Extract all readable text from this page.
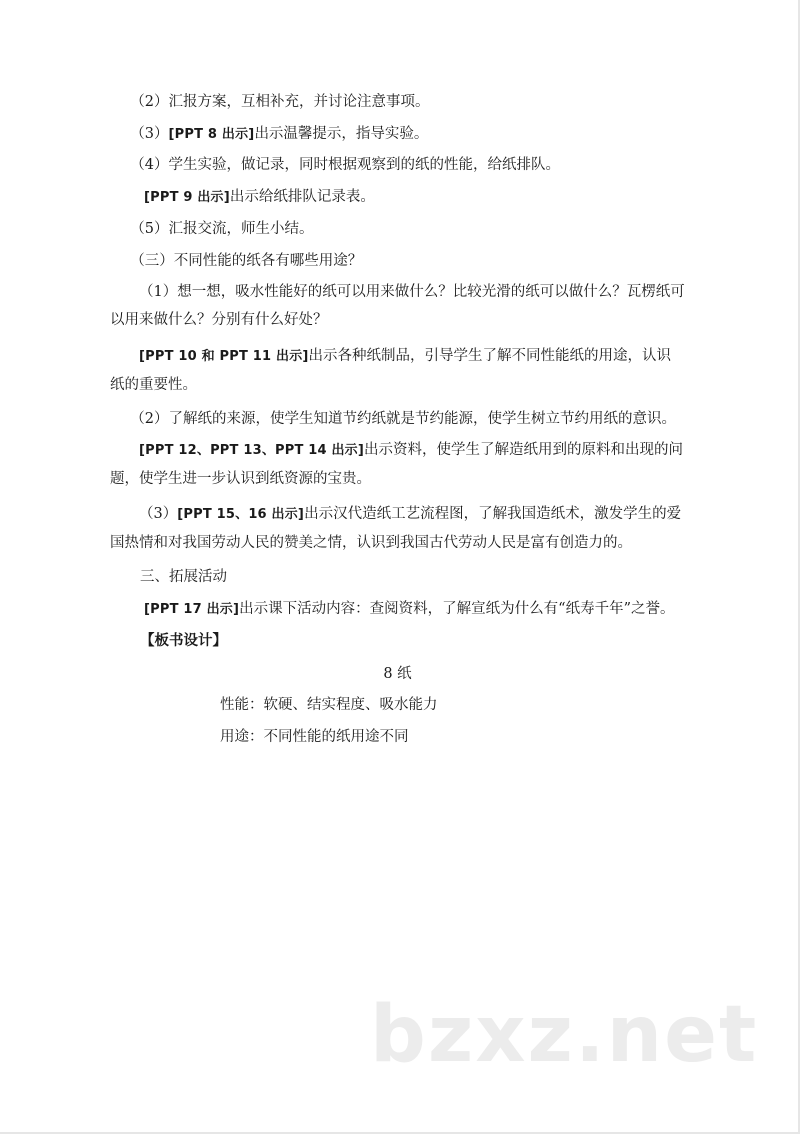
（2）汇报方案，互相补充，并讨论注意事项。
（3）[PPT 8 出示]出示温馨提示，指导实验。
（4）学生实验，做记录，同时根据观察到的纸的性能，给纸排队。
[PPT 9 出示]出示给纸排队记录表。
（5）汇报交流，师生小结。
（三）不同性能的纸各有哪些用途？
（1）想一想，吸水性能好的纸可以用来做什么？比较光滑的纸可以做什么？瓦楞纸可以用来做什么？分别有什么好处？
[PPT 10 和 PPT 11 出示]出示各种纸制品，引导学生了解不同性能纸的用途，认识纸的重要性。
（2）了解纸的来源，使学生知道节约纸就是节约能源，使学生树立节约用纸的意识。
[PPT 12、PPT 13、PPT 14 出示]出示资料，使学生了解造纸用到的原料和出现的问题，使学生进一步认识到纸资源的宝贵。
（3）[PPT 15、16 出示]出示汉代造纸工艺流程图，了解我国造纸术，激发学生的爱国热情和对我国劳动人民的赞美之情，认识到我国古代劳动人民是富有创造力的。
三、拓展活动
[PPT 17 出示]出示课下活动内容：查阅资料，了解宣纸为什么有“纸寿千年”之誉。
【板书设计】
8 纸
性能：软硬、结实程度、吸水能力
用途：不同性能的纸用途不同
bzxz.net
